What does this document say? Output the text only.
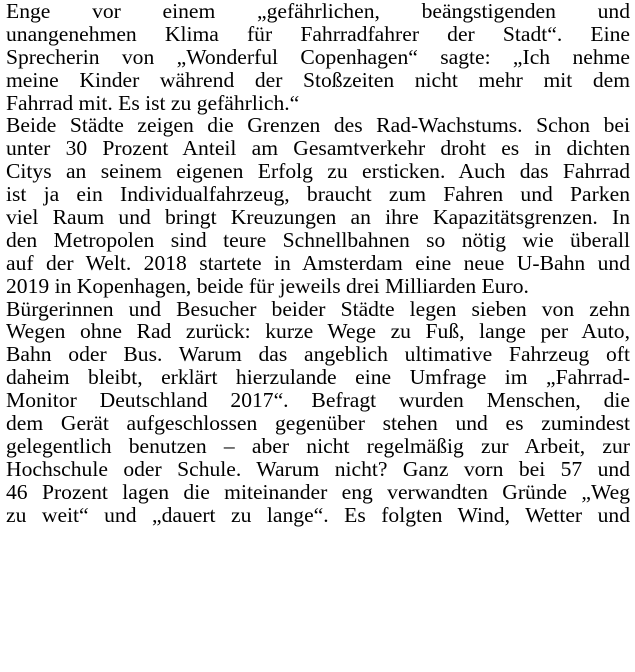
Enge vor einem „gefährlichen, beängstigenden und
unangenehmen Klima für Fahrradfahrer der Stadt“. Eine
Sprecherin von „Wonderful Copenhagen“ sagte: „Ich nehme
meine Kinder während der Stoßzeiten nicht mehr mit dem
Fahrrad mit. Es ist zu gefährlich.“

Beide Städte zeigen die Grenzen des Rad-Wachstums. Schon bei
unter 30 Prozent Anteil am Gesamtverkehr droht es in dichten
Citys an seinem eigenen Erfolg zu ersticken. Auch das Fahrrad
ist ja ein Individualfahrzeug, braucht zum Fahren und Parken
viel Raum und bringt Kreuzungen an ihre Kapazitätsgrenzen. In
den Metropolen sind teure Schnellbahnen so nötig wie überall
auf der Welt. 2018 startete in Amsterdam eine neue U-Bahn und
2019 in Kopenhagen, beide für jeweils drei Milliarden Euro.

Bürgerinnen und Besucher beider Städte legen sieben von zehn
Wegen ohne Rad zurück: kurze Wege zu Fuß, lange per Auto,
Bahn oder Bus. Warum das angeblich ultimative Fahrzeug oft
daheim bleibt, erklärt hierzulande eine Umfrage im „Fahrrad-
Monitor Deutschland 2017“. Befragt wurden Menschen, die
dem Gerät aufgeschlossen gegenüber stehen und es zumindest
gelegentlich benutzen – aber nicht regelmäßig zur Arbeit, zur
Hochschule oder Schule. Warum nicht? Ganz vorn bei 57 und
46 Prozent lagen die miteinander eng verwandten Gründe „Weg
zu weit“ und „dauert zu lange“. Es folgten Wind, Wetter und
